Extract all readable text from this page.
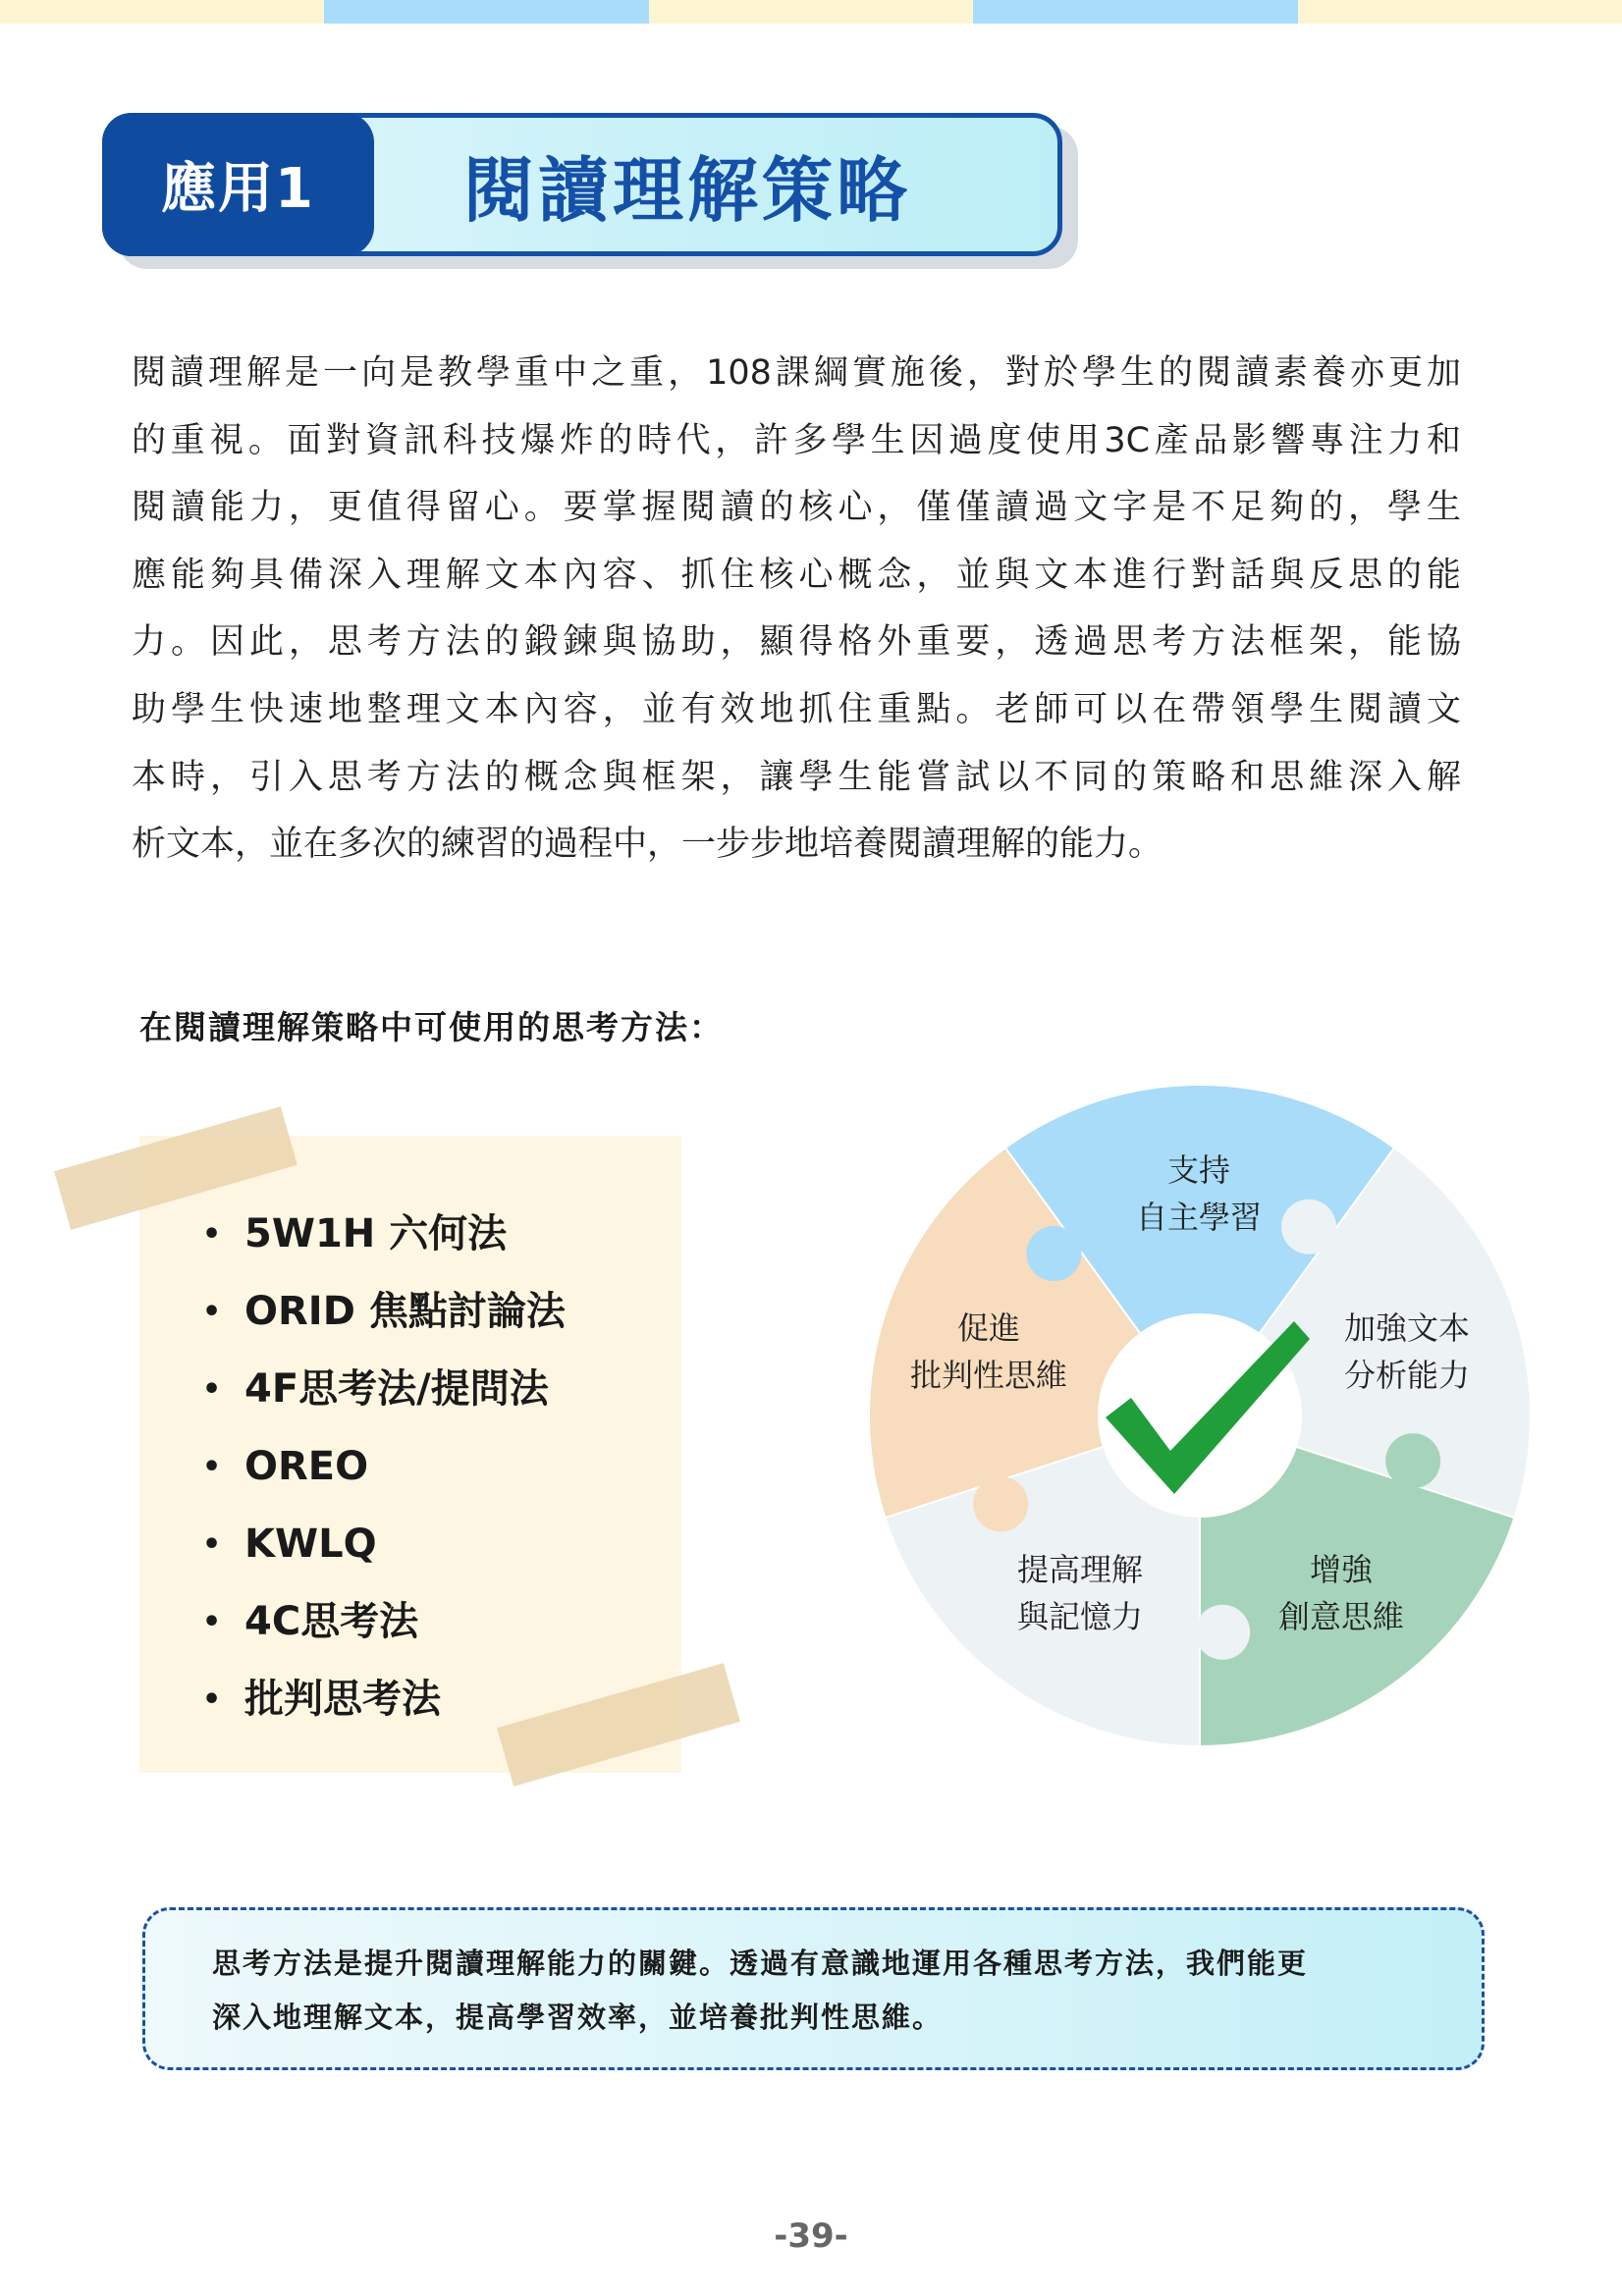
應用1	閱讀理解策略
閱讀理解是一向是教學重中之重，108課綱實施後，對於學生的閱讀素養亦更加
的重視。面對資訊科技爆炸的時代，許多學生因過度使用3C產品影響專注力和
閱讀能力，更值得留心。要掌握閱讀的核心，僅僅讀過文字是不足夠的，學生
應能夠具備深入理解文本內容、抓住核心概念，並與文本進行對話與反思的能
力。因此，思考方法的鍛鍊與協助，顯得格外重要，透過思考方法框架，能協
助學生快速地整理文本內容，並有效地抓住重點。老師可以在帶領學生閱讀文
本時，引入思考方法的概念與框架，讓學生能嘗試以不同的策略和思維深入解
析文本，並在多次的練習的過程中，一步步地培養閱讀理解的能力。
在閱讀理解策略中可使用的思考方法：
• 5W1H 六何法
• ORID 焦點討論法
• 4F思考法/提問法
• OREO
• KWLQ
• 4C思考法
• 批判思考法
支持
自主學習
加強文本
分析能力
增強
創意思維
提高理解
與記憶力
促進
批判性思維
思考方法是提升閱讀理解能力的關鍵。透過有意識地運用各種思考方法，我們能更
深入地理解文本，提高學習效率，並培養批判性思維。
-39-
